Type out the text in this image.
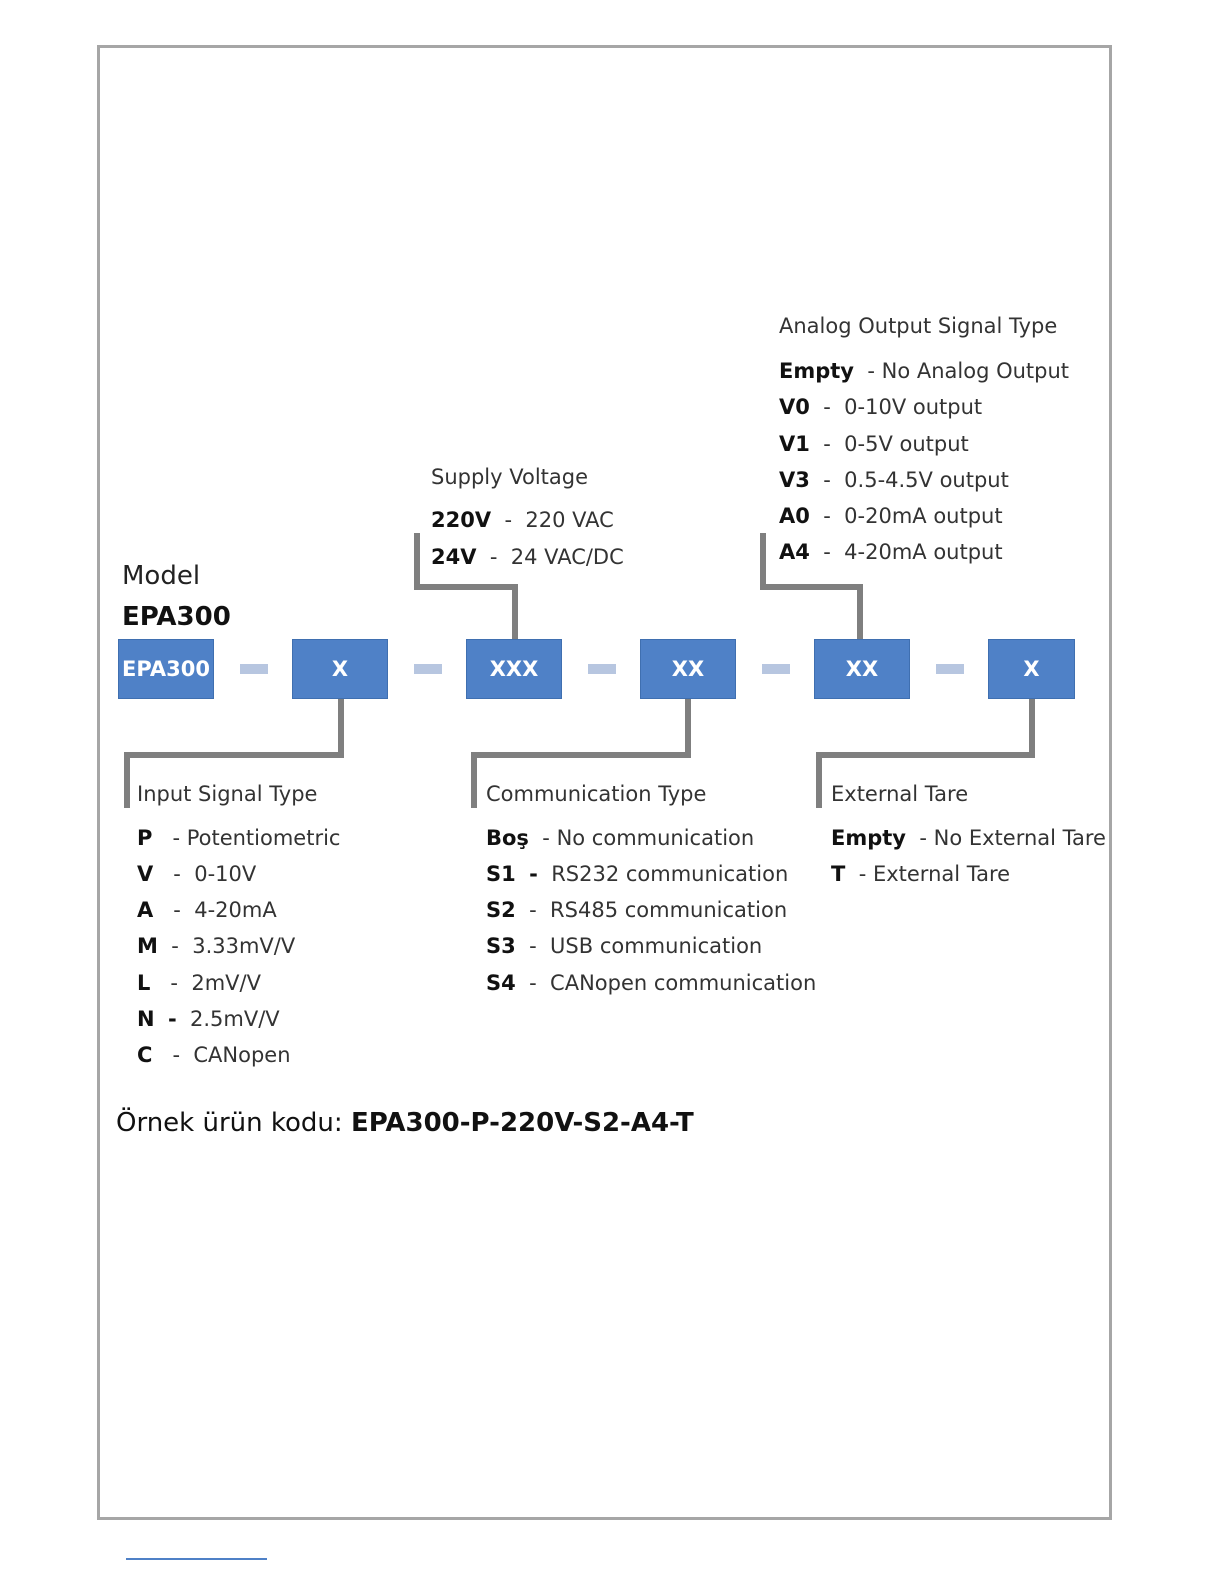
Model
EPA300
EPA300	X	XXX	XX	XX	X
Supply Voltage
220V - 220 VAC
24V - 24 VAC/DC
Analog Output Signal Type
Empty - No Analog Output
V0 - 0-10V output
V1 - 0-5V output
V3 - 0.5-4.5V output
A0 - 0-20mA output
A4 - 4-20mA output
Input Signal Type
P - Potentiometric
V - 0-10V
A - 4-20mA
M - 3.33mV/V
L - 2mV/V
N - 2.5mV/V
C - CANopen
Communication Type
Boş - No communication
S1 - RS232 communication
S2 - RS485 communication
S3 - USB communication
S4 - CANopen communication
External Tare
Empty - No External Tare
T - External Tare
Örnek ürün kodu: EPA300-P-220V-S2-A4-T
